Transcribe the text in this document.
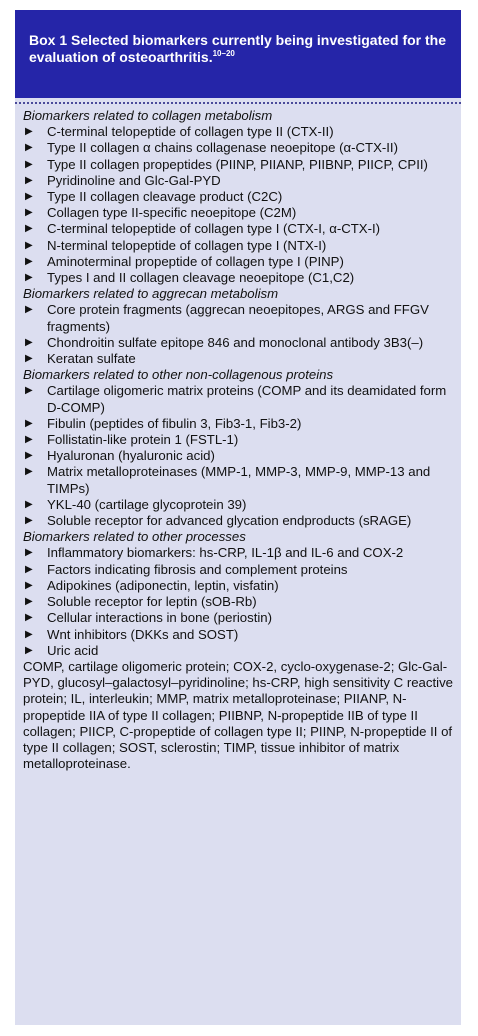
Box 1 Selected biomarkers currently being investigated for the evaluation of osteoarthritis.$^{10-20}$
Biomarkers related to collagen metabolism
▶ C-terminal telopeptide of collagen type II (CTX-II)
▶ Type II collagen α chains collagenase neoepitope (α-CTX-II)
▶ Type II collagen propeptides (PIINP, PIIANP, PIIBNP, PIICP, CPII)
▶ Pyridinoline and Glc-Gal-PYD
▶ Type II collagen cleavage product (C2C)
▶ Collagen type II-specific neoepitope (C2M)
▶ C-terminal telopeptide of collagen type I (CTX-I, α-CTX-I)
▶ N-terminal telopeptide of collagen type I (NTX-I)
▶ Aminoterminal propeptide of collagen type I (PINP)
▶ Types I and II collagen cleavage neoepitope (C1,C2)
Biomarkers related to aggrecan metabolism
▶ Core protein fragments (aggrecan neoepitopes, ARGS and FFGV fragments)
▶ Chondroitin sulfate epitope 846 and monoclonal antibody 3B3(–)
▶ Keratan sulfate
Biomarkers related to other non-collagenous proteins
▶ Cartilage oligomeric matrix proteins (COMP and its deamidated form D-COMP)
▶ Fibulin (peptides of fibulin 3, Fib3-1, Fib3-2)
▶ Follistatin-like protein 1 (FSTL-1)
▶ Hyaluronan (hyaluronic acid)
▶ Matrix metalloproteinases (MMP-1, MMP-3, MMP-9, MMP-13 and TIMPs)
▶ YKL-40 (cartilage glycoprotein 39)
▶ Soluble receptor for advanced glycation endproducts (sRAGE)
Biomarkers related to other processes
▶ Inflammatory biomarkers: hs-CRP, IL-1β and IL-6 and COX-2
▶ Factors indicating fibrosis and complement proteins
▶ Adipokines (adiponectin, leptin, visfatin)
▶ Soluble receptor for leptin (sOB-Rb)
▶ Cellular interactions in bone (periostin)
▶ Wnt inhibitors (DKKs and SOST)
▶ Uric acid
COMP, cartilage oligomeric protein; COX-2, cyclo-oxygenase-2; Glc-Gal-PYD, glucosyl–galactosyl–pyridinoline; hs-CRP, high sensitivity C reactive protein; IL, interleukin; MMP, matrix metalloproteinase; PIIANP, N-propeptide IIA of type II collagen; PIIBNP, N-propeptide IIB of type II collagen; PIICP, C-propeptide of collagen type II; PIINP, N-propeptide II of type II collagen; SOST, sclerostin; TIMP, tissue inhibitor of matrix metalloproteinase.
